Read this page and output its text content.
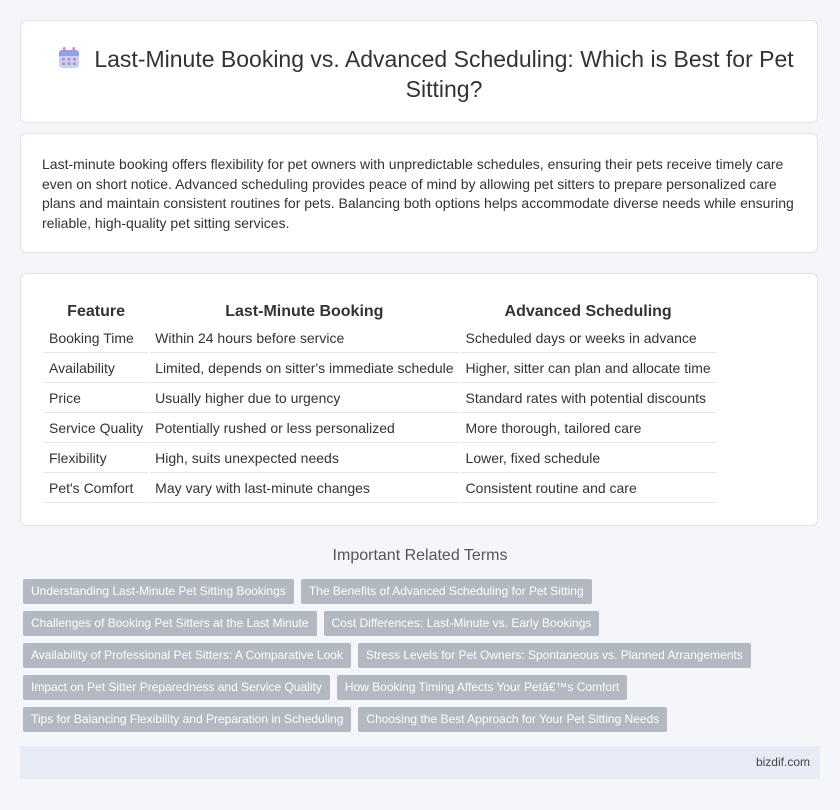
Last-Minute Booking vs. Advanced Scheduling: Which is Best for Pet Sitting?

Last-minute booking offers flexibility for pet owners with unpredictable schedules, ensuring their pets receive timely care even on short notice. Advanced scheduling provides peace of mind by allowing pet sitters to prepare personalized care plans and maintain consistent routines for pets. Balancing both options helps accommodate diverse needs while ensuring reliable, high-quality pet sitting services.

Feature	Last-Minute Booking	Advanced Scheduling
Booking Time	Within 24 hours before service	Scheduled days or weeks in advance
Availability	Limited, depends on sitter's immediate schedule	Higher, sitter can plan and allocate time
Price	Usually higher due to urgency	Standard rates with potential discounts
Service Quality	Potentially rushed or less personalized	More thorough, tailored care
Flexibility	High, suits unexpected needs	Lower, fixed schedule
Pet's Comfort	May vary with last-minute changes	Consistent routine and care
Important Related Terms
Understanding Last-Minute Pet Sitting Bookings	The Benefits of Advanced Scheduling for Pet Sitting
Challenges of Booking Pet Sitters at the Last Minute	Cost Differences: Last-Minute vs. Early Bookings
Availability of Professional Pet Sitters: A Comparative Look	Stress Levels for Pet Owners: Spontaneous vs. Planned Arrangements
Impact on Pet Sitter Preparedness and Service Quality	How Booking Timing Affects Your Petâ€™s Comfort
Tips for Balancing Flexibility and Preparation in Scheduling	Choosing the Best Approach for Your Pet Sitting Needs
bizdif.com
